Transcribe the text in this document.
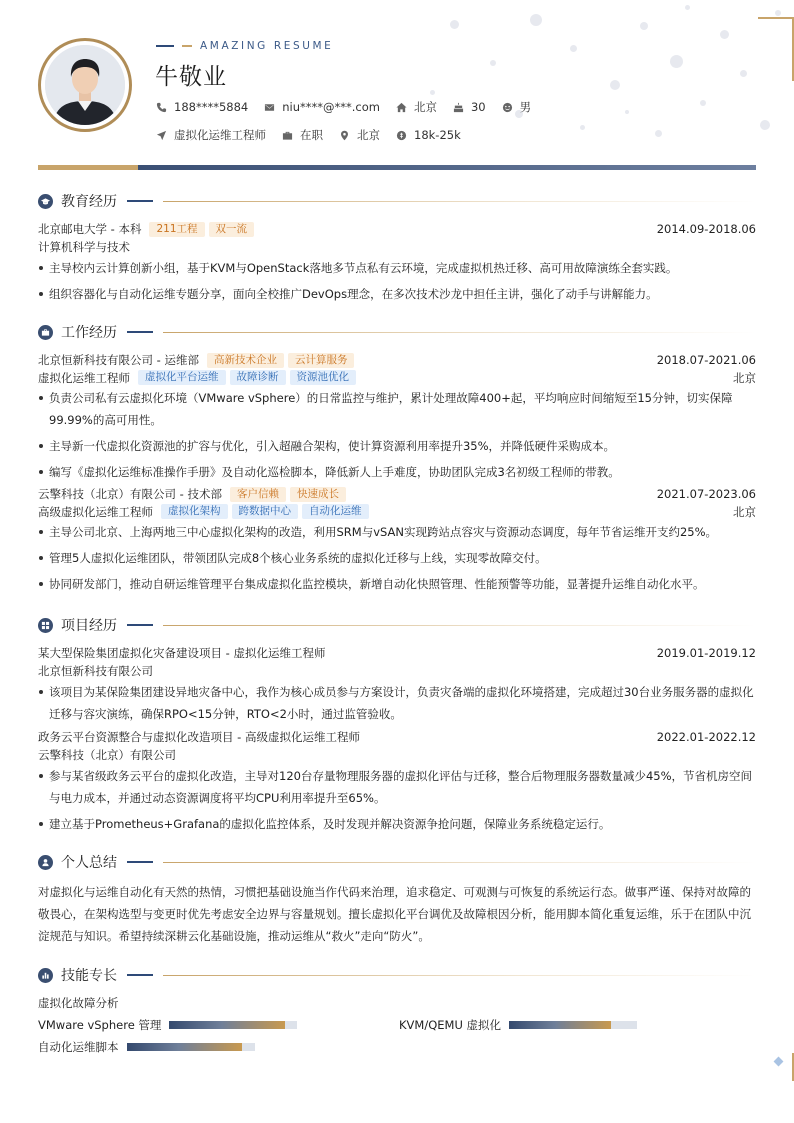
AMAZING RESUME
牛敬业
188****5884	niu****@***.com	北京	30	男
虚拟化运维工程师	在职	北京	18k-25k
教育经历
北京邮电大学 - 本科	211工程	双一流	2014.09-2018.06
计算机科学与技术
主导校内云计算创新小组，基于KVM与OpenStack落地多节点私有云环境，完成虚拟机热迁移、高可用故障演练全套实践。
组织容器化与自动化运维专题分享，面向全校推广DevOps理念，在多次技术沙龙中担任主讲，强化了动手与讲解能力。
工作经历
北京恒新科技有限公司 - 运维部	高新技术企业	云计算服务	2018.07-2021.06
虚拟化运维工程师	虚拟化平台运维	故障诊断	资源池优化	北京
负责公司私有云虚拟化环境（VMware vSphere）的日常监控与维护，累计处理故障400+起，平均响应时间缩短至15分钟，切实保障99.99%的高可用性。
主导新一代虚拟化资源池的扩容与优化，引入超融合架构，使计算资源利用率提升35%，并降低硬件采购成本。
编写《虚拟化运维标准操作手册》及自动化巡检脚本，降低新人上手难度，协助团队完成3名初级工程师的带教。
云擎科技（北京）有限公司 - 技术部	客户信赖	快速成长	2021.07-2023.06
高级虚拟化运维工程师	虚拟化架构	跨数据中心	自动化运维	北京
主导公司北京、上海两地三中心虚拟化架构的改造，利用SRM与vSAN实现跨站点容灾与资源动态调度，每年节省运维开支约25%。
管理5人虚拟化运维团队，带领团队完成8个核心业务系统的虚拟化迁移与上线，实现零故障交付。
协同研发部门，推动自研运维管理平台集成虚拟化监控模块，新增自动化快照管理、性能预警等功能，显著提升运维自动化水平。
项目经历
某大型保险集团虚拟化灾备建设项目 - 虚拟化运维工程师	2019.01-2019.12
北京恒新科技有限公司
该项目为某保险集团建设异地灾备中心，我作为核心成员参与方案设计，负责灾备端的虚拟化环境搭建，完成超过30台业务服务器的虚拟化迁移与容灾演练，确保RPO<15分钟，RTO<2小时，通过监管验收。
政务云平台资源整合与虚拟化改造项目 - 高级虚拟化运维工程师	2022.01-2022.12
云擎科技（北京）有限公司
参与某省级政务云平台的虚拟化改造，主导对120台存量物理服务器的虚拟化评估与迁移，整合后物理服务器数量减少45%，节省机房空间与电力成本，并通过动态资源调度将平均CPU利用率提升至65%。
建立基于Prometheus+Grafana的虚拟化监控体系，及时发现并解决资源争抢问题，保障业务系统稳定运行。
个人总结
对虚拟化与运维自动化有天然的热情，习惯把基础设施当作代码来治理，追求稳定、可观测与可恢复的系统运行态。做事严谨、保持对故障的敬畏心，在架构选型与变更时优先考虑安全边界与容量规划。擅长虚拟化平台调优及故障根因分析，能用脚本简化重复运维，乐于在团队中沉淀规范与知识。希望持续深耕云化基础设施，推动运维从“救火”走向“防火”。
技能专长
虚拟化故障分析
VMware vSphere 管理	KVM/QEMU 虚拟化
自动化运维脚本
